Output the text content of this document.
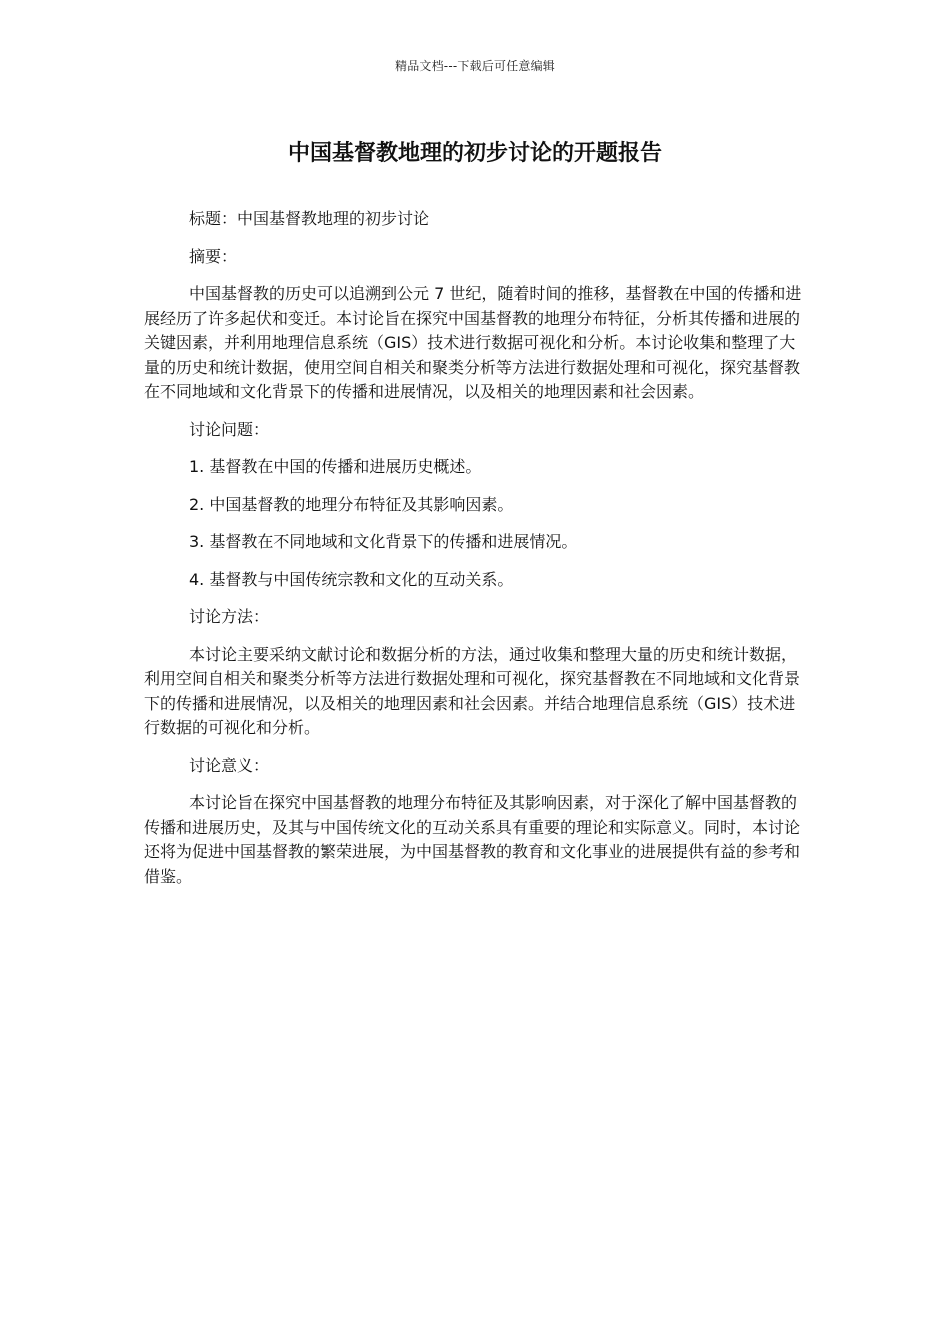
精品文档---下载后可任意编辑
中国基督教地理的初步讨论的开题报告

标题：中国基督教地理的初步讨论

摘要：

中国基督教的历史可以追溯到公元 7 世纪，随着时间的推移，基督教在中国的传播和进展经历了许多起伏和变迁。本讨论旨在探究中国基督教的地理分布特征，分析其传播和进展的关键因素，并利用地理信息系统（GIS）技术进行数据可视化和分析。本讨论收集和整理了大量的历史和统计数据，使用空间自相关和聚类分析等方法进行数据处理和可视化，探究基督教在不同地域和文化背景下的传播和进展情况，以及相关的地理因素和社会因素。

讨论问题：

1. 基督教在中国的传播和进展历史概述。

2. 中国基督教的地理分布特征及其影响因素。

3. 基督教在不同地域和文化背景下的传播和进展情况。

4. 基督教与中国传统宗教和文化的互动关系。

讨论方法：

本讨论主要采纳文献讨论和数据分析的方法，通过收集和整理大量的历史和统计数据，利用空间自相关和聚类分析等方法进行数据处理和可视化，探究基督教在不同地域和文化背景下的传播和进展情况，以及相关的地理因素和社会因素。并结合地理信息系统（GIS）技术进行数据的可视化和分析。

讨论意义：

本讨论旨在探究中国基督教的地理分布特征及其影响因素，对于深化了解中国基督教的传播和进展历史，及其与中国传统文化的互动关系具有重要的理论和实际意义。同时，本讨论还将为促进中国基督教的繁荣进展，为中国基督教的教育和文化事业的进展提供有益的参考和借鉴。
